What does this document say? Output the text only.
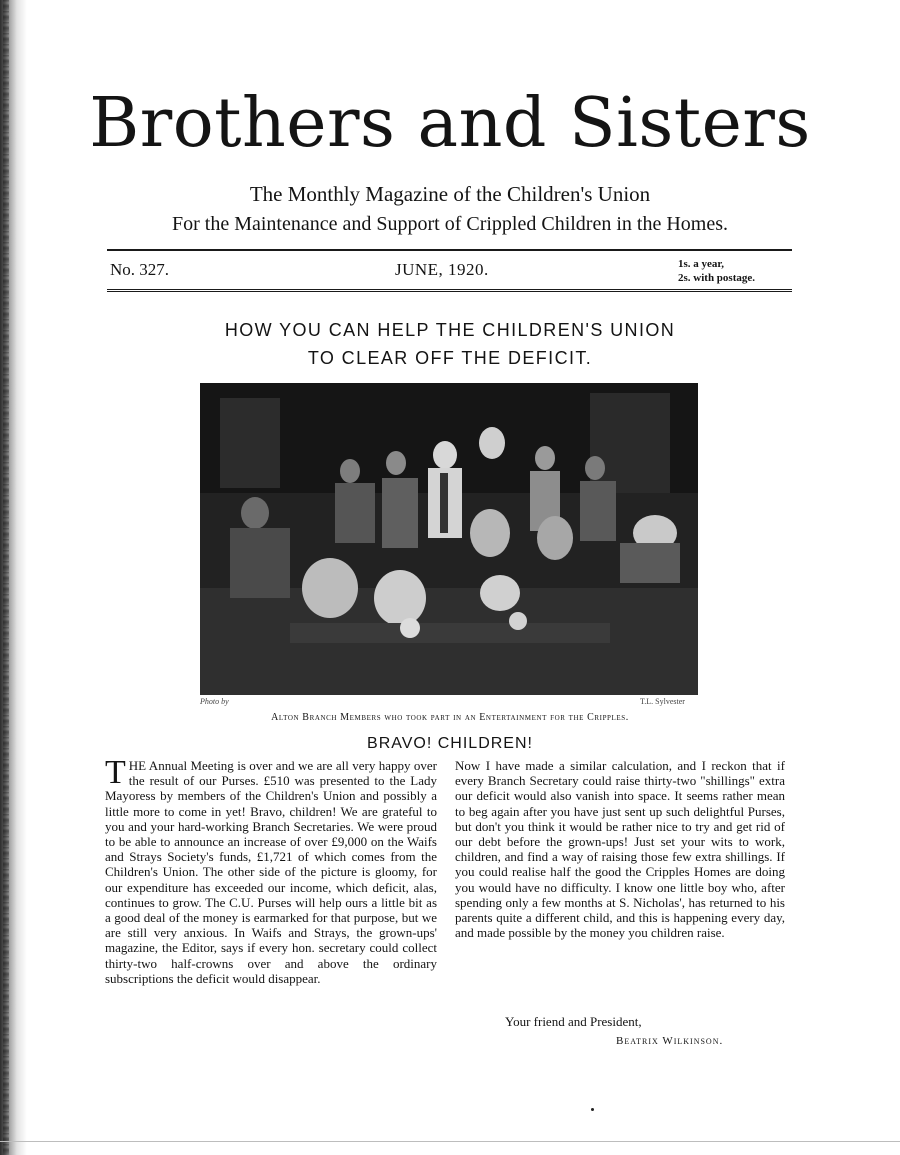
Brothers and Sisters
The Monthly Magazine of the Children's Union
For the Maintenance and Support of Crippled Children in the Homes.
No. 327.	JUNE, 1920.	1s. a year,
2s. with postage.
HOW YOU CAN HELP THE CHILDREN'S UNION
TO CLEAR OFF THE DEFICIT.
Photo by	T.L. Sylvester
Alton Branch Members who took part in an Entertainment for the Cripples.
BRAVO! CHILDREN!

THE Annual Meeting is over and we are all very happy over the result of our Purses. £510 was presented to the Lady Mayoress by members of the Children's Union and possibly a little more to come in yet! Bravo, children! We are grateful to you and your hard-working Branch Secretaries. We were proud to be able to announce an increase of over £9,000 on the Waifs and Strays Society's funds, £1,721 of which comes from the Children's Union. The other side of the picture is gloomy, for our expenditure has exceeded our income, which deficit, alas, continues to grow. The C.U. Purses will help ours a little bit as a good deal of the money is earmarked for that purpose, but we are still very anxious. In Waifs and Strays, the grown-ups' magazine, the Editor, says if every hon. secretary could collect thirty-two half-crowns over and above the ordinary subscriptions the deficit would disappear.

Now I have made a similar calculation, and I reckon that if every Branch Secretary could raise thirty-two "shillings" extra our deficit would also vanish into space. It seems rather mean to beg again after you have just sent up such delightful Purses, but don't you think it would be rather nice to try and get rid of our debt before the grown-ups! Just set your wits to work, children, and find a way of raising those few extra shillings. If you could realise half the good the Cripples Homes are doing you would have no difficulty. I know one little boy who, after spending only a few months at S. Nicholas', has returned to his parents quite a different child, and this is happening every day, and made possible by the money you children raise.

Your friend and President,
Beatrix Wilkinson.
